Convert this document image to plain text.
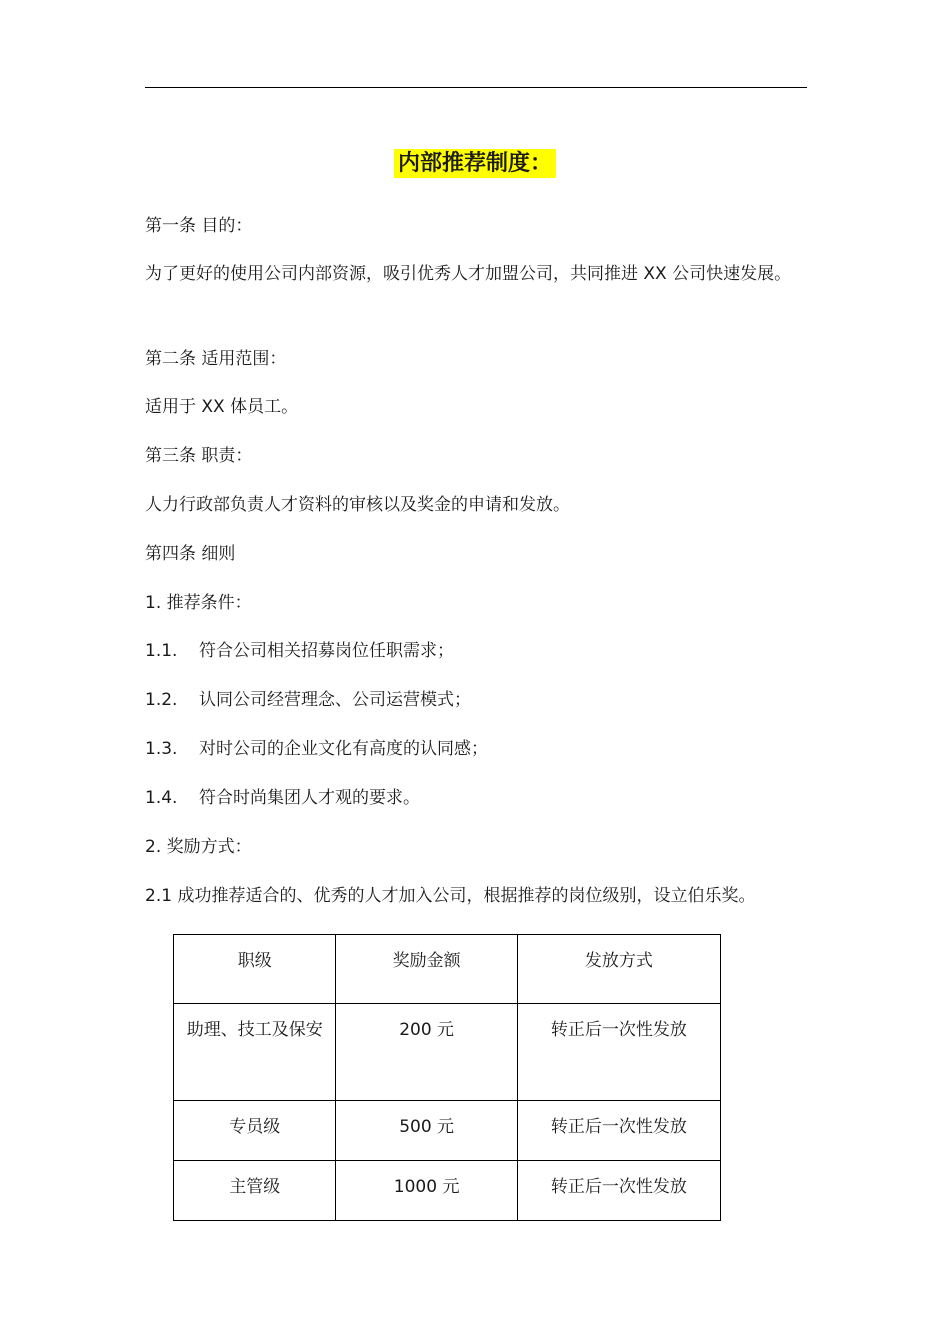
内部推荐制度：
第一条 目的：
为了更好的使用公司内部资源，吸引优秀人才加盟公司，共同推进 XX 公司快速发展。
第二条 适用范围：
适用于 XX 体员工。
第三条 职责：
人力行政部负责人才资料的审核以及奖金的申请和发放。
第四条 细则
1. 推荐条件：
1.1. 符合公司相关招募岗位任职需求；
1.2. 认同公司经营理念、公司运营模式；
1.3. 对时公司的企业文化有高度的认同感；
1.4. 符合时尚集团人才观的要求。
2. 奖励方式：
2.1 成功推荐适合的、优秀的人才加入公司，根据推荐的岗位级别，设立伯乐奖。
职级	奖励金额	发放方式
助理、技工及保安	200 元	转正后一次性发放
专员级	500 元	转正后一次性发放
主管级	1000 元	转正后一次性发放
